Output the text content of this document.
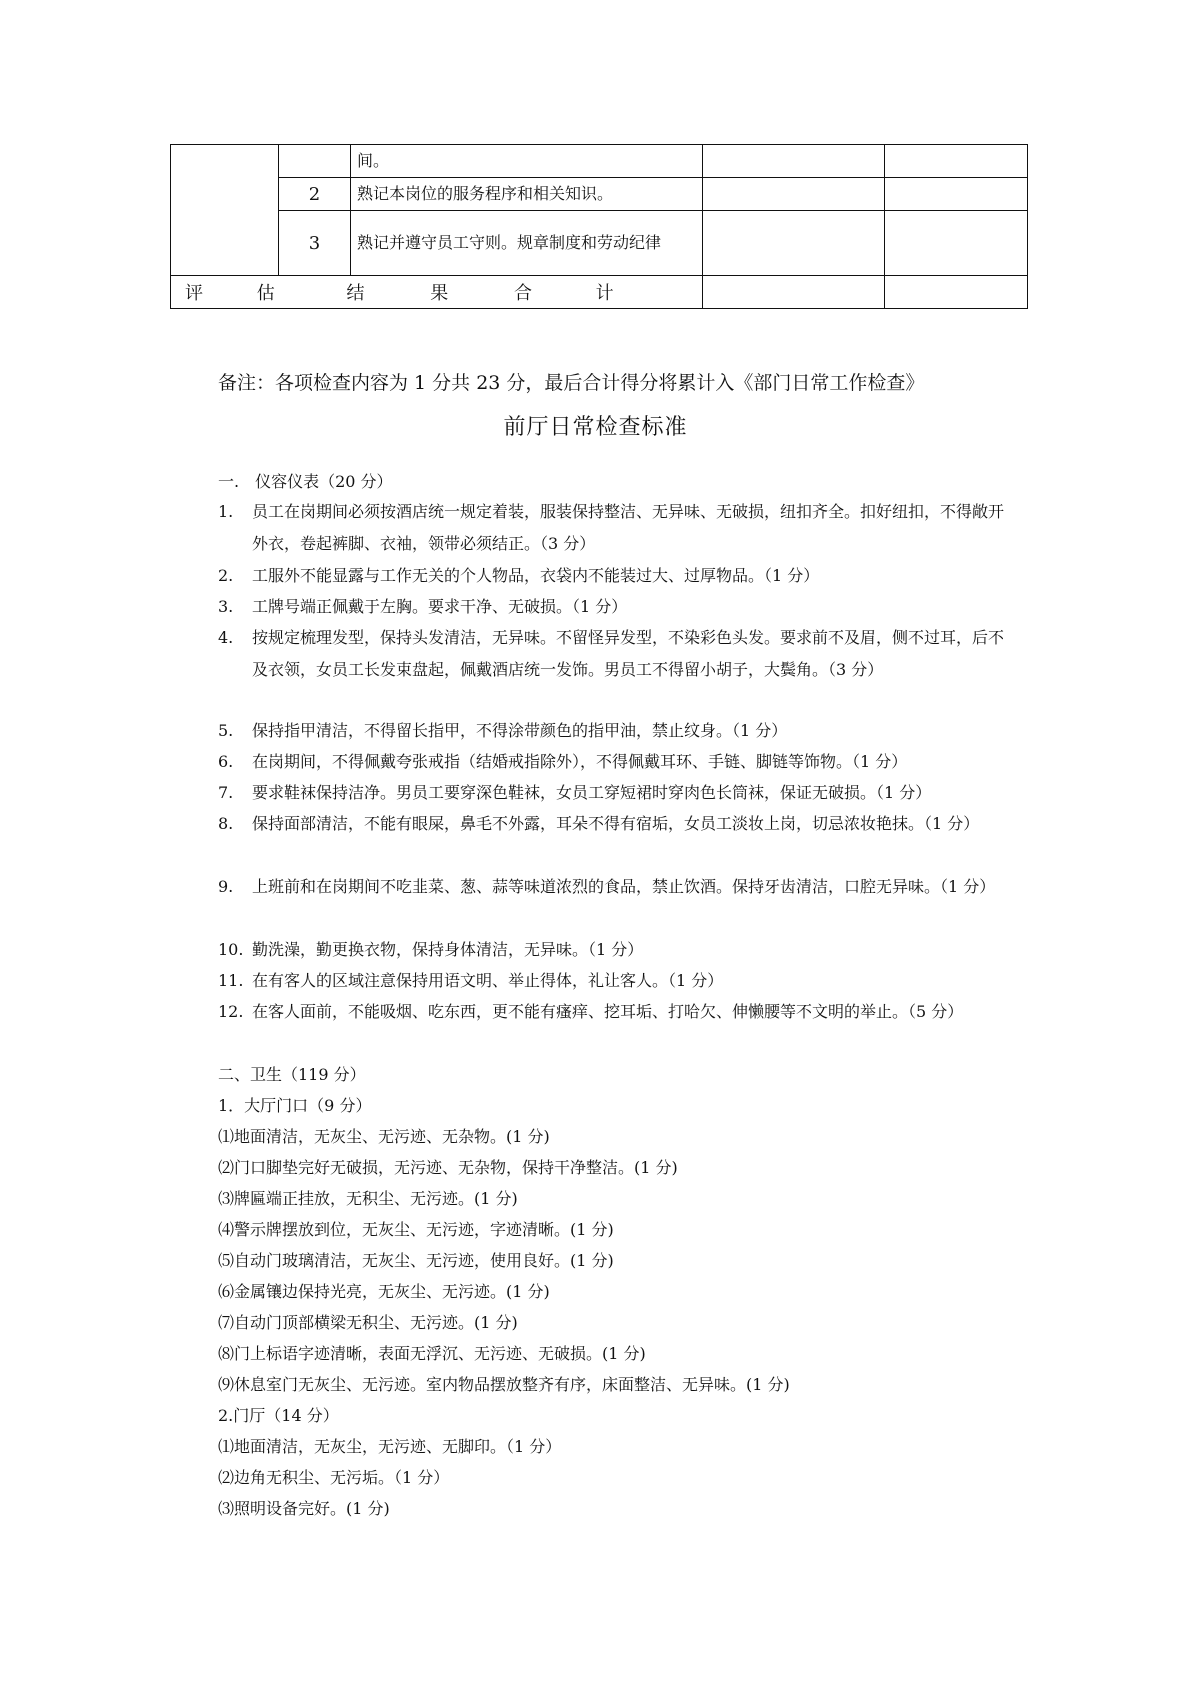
		间。		
	2	熟记本岗位的服务程序和相关知识。		
	3	熟记并遵守员工守则。规章制度和劳动纪律		
评 估 结 果 合 计				
备注：各项检查内容为 1 分共 23 分，最后合计得分将累计入《部门日常工作检查》
前厅日常检查标准
一.　仪容仪表（20 分）
1. 员工在岗期间必须按酒店统一规定着装，服装保持整洁、无异味、无破损，纽扣齐全。扣好纽扣，不得敞开外衣，卷起裤脚、衣袖，领带必须结正。（3 分）
2. 工服外不能显露与工作无关的个人物品，衣袋内不能装过大、过厚物品。（1 分）
3. 工牌号端正佩戴于左胸。要求干净、无破损。（1 分）
4. 按规定梳理发型，保持头发清洁，无异味。不留怪异发型，不染彩色头发。要求前不及眉，侧不过耳，后不及衣领，女员工长发束盘起，佩戴酒店统一发饰。男员工不得留小胡子，大鬓角。（3 分）
5. 保持指甲清洁，不得留长指甲，不得涂带颜色的指甲油，禁止纹身。（1 分）
6. 在岗期间，不得佩戴夸张戒指（结婚戒指除外），不得佩戴耳环、手链、脚链等饰物。（1 分）
7. 要求鞋袜保持洁净。男员工要穿深色鞋袜，女员工穿短裙时穿肉色长筒袜，保证无破损。（1 分）
8. 保持面部清洁，不能有眼屎，鼻毛不外露，耳朵不得有宿垢，女员工淡妆上岗，切忌浓妆艳抹。（1 分）
9. 上班前和在岗期间不吃韭菜、葱、蒜等味道浓烈的食品，禁止饮酒。保持牙齿清洁，口腔无异味。（1 分）
10. 勤洗澡，勤更换衣物，保持身体清洁，无异味。（1 分）
11. 在有客人的区域注意保持用语文明、举止得体，礼让客人。（1 分）
12. 在客人面前，不能吸烟、吃东西，更不能有瘙痒、挖耳垢、打哈欠、伸懒腰等不文明的举止。（5 分）
二、卫生（119 分）
1．大厅门口（9 分）
⑴地面清洁，无灰尘、无污迹、无杂物。(1 分)
⑵门口脚垫完好无破损，无污迹、无杂物，保持干净整洁。(1 分)
⑶牌匾端正挂放，无积尘、无污迹。(1 分)
⑷警示牌摆放到位，无灰尘、无污迹，字迹清晰。(1 分)
⑸自动门玻璃清洁，无灰尘、无污迹，使用良好。(1 分)
⑹金属镶边保持光亮，无灰尘、无污迹。(1 分)
⑺自动门顶部横梁无积尘、无污迹。(1 分)
⑻门上标语字迹清晰，表面无浮沉、无污迹、无破损。(1 分)
⑼休息室门无灰尘、无污迹。室内物品摆放整齐有序，床面整洁、无异味。(1 分)
2.门厅（14 分）
⑴地面清洁，无灰尘，无污迹、无脚印。（1 分）
⑵边角无积尘、无污垢。（1 分）
⑶照明设备完好。(1 分)
